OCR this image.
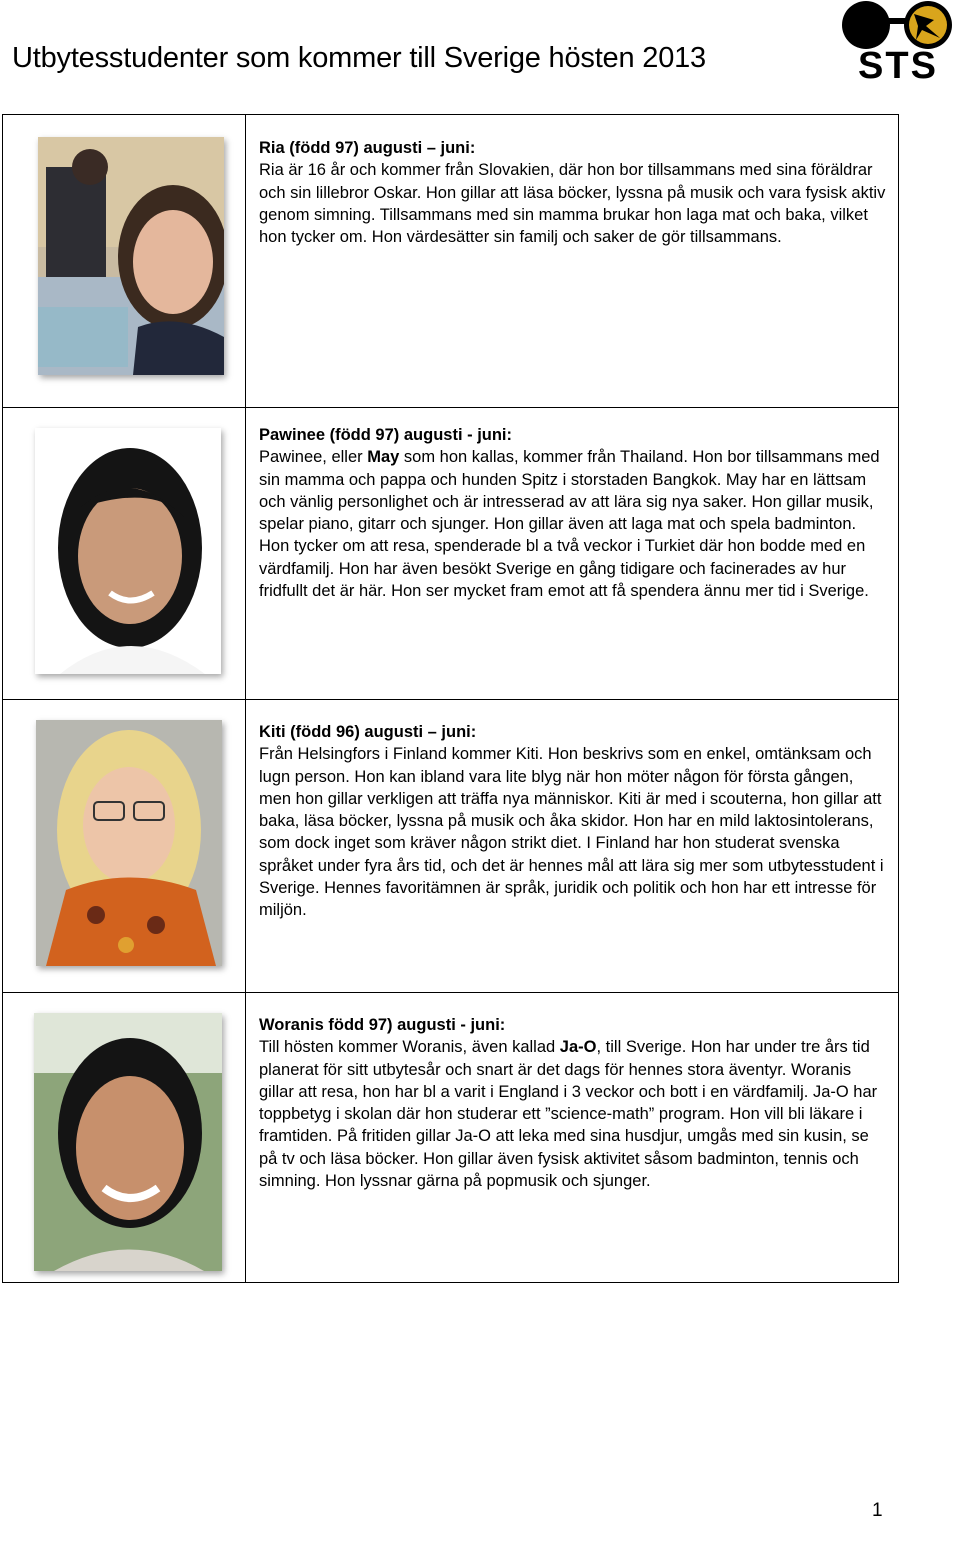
Utbytesstudenter som kommer till Sverige hösten 2013	STS

Ria (född 97) augusti – juni:
Ria är 16 år och kommer från Slovakien, där hon bor tillsammans med sina föräldrar och sin lillebror Oskar. Hon gillar att läsa böcker, lyssna på musik och vara fysisk aktiv genom simning. Tillsammans med sin mamma brukar hon laga mat och baka, vilket hon tycker om. Hon värdesätter sin familj och saker de gör tillsammans.

Pawinee (född 97) augusti - juni:
Pawinee, eller May som hon kallas, kommer från Thailand. Hon bor tillsammans med sin mamma och pappa och hunden Spitz i storstaden Bangkok. May har en lättsam och vänlig personlighet och är intresserad av att lära sig nya saker. Hon gillar musik, spelar piano, gitarr och sjunger. Hon gillar även att laga mat och spela badminton. Hon tycker om att resa, spenderade bl a två veckor i Turkiet där hon bodde med en värdfamilj. Hon har även besökt Sverige en gång tidigare och facinerades av hur fridfullt det är här. Hon ser mycket fram emot att få spendera ännu mer tid i Sverige.

Kiti (född 96) augusti – juni:
Från Helsingfors i Finland kommer Kiti. Hon beskrivs som en enkel, omtänksam och lugn person. Hon kan ibland vara lite blyg när hon möter någon för första gången, men hon gillar verkligen att träffa nya människor. Kiti är med i scouterna, hon gillar att baka, läsa böcker, lyssna på musik och åka skidor. Hon har en mild laktosintolerans, som dock inget som kräver någon strikt diet. I Finland har hon studerat svenska språket under fyra års tid, och det är hennes mål att lära sig mer som utbytesstudent i Sverige. Hennes favoritämnen är språk, juridik och politik och hon har ett intresse för miljön.

Woranis född 97) augusti - juni:
Till hösten kommer Woranis, även kallad Ja-O, till Sverige. Hon har under tre års tid planerat för sitt utbytesår och snart är det dags för hennes stora äventyr. Woranis gillar att resa, hon har bl a varit i England i 3 veckor och bott i en värdfamilj. Ja-O har toppbetyg i skolan där hon studerar ett ”science-math” program. Hon vill bli läkare i framtiden. På fritiden gillar Ja-O att leka med sina husdjur, umgås med sin kusin, se på tv och läsa böcker. Hon gillar även fysisk aktivitet såsom badminton, tennis och simning. Hon lyssnar gärna på popmusik och sjunger.
1
